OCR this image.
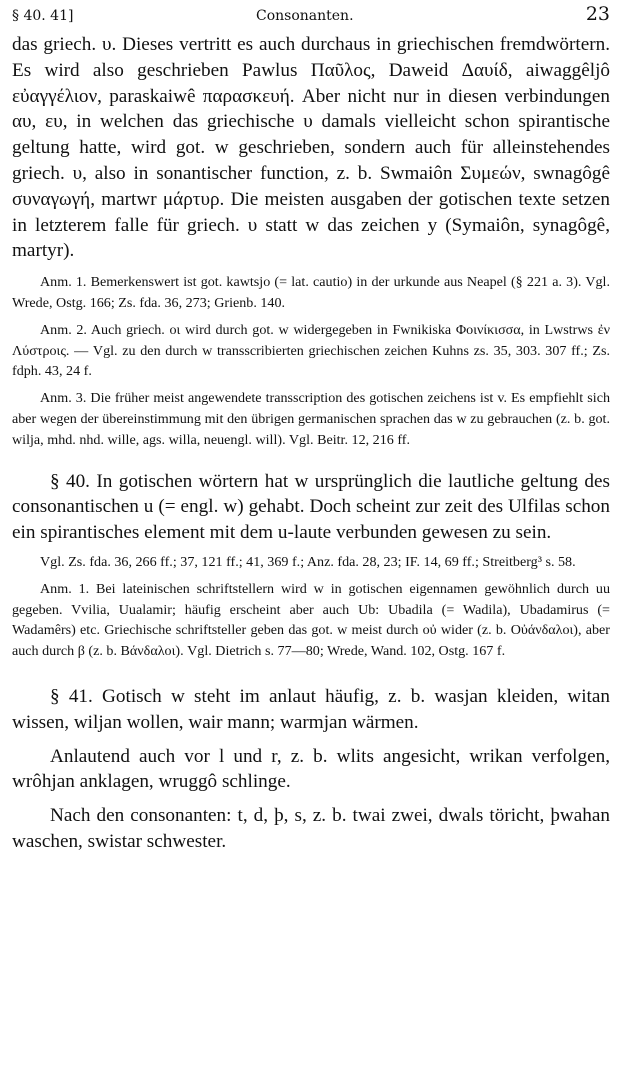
§ 40. 41]	Consonanten.	23

das griech. υ. Dieses vertritt es auch durchaus in griechischen fremdwörtern. Es wird also geschrieben Pawlus Παῦλος, Daweid Δαυίδ, aiwaggêljô εὐαγγέλιον, paraskaiwê παρασκευή. Aber nicht nur in diesen verbindungen αυ, ευ, in welchen das griechische υ damals vielleicht schon spirantische geltung hatte, wird got. w geschrieben, sondern auch für alleinstehendes griech. υ, also in sonantischer function, z. b. Swmaiôn Συμεών, swnagôgê συναγωγή, martwr μάρτυρ. Die meisten ausgaben der gotischen texte setzen in letzterem falle für griech. υ statt w das zeichen y (Symaiôn, synagôgê, martyr).

Anm. 1. Bemerkenswert ist got. kawtsjo (= lat. cautio) in der urkunde aus Neapel (§ 221 a. 3). Vgl. Wrede, Ostg. 166; Zs. fda. 36, 273; Grienb. 140.

Anm. 2. Auch griech. οι wird durch got. w widergegeben in Fwnikiska Φοινίκισσα, in Lwstrws ἐν Λύστροις. — Vgl. zu den durch w transscribierten griechischen zeichen Kuhns zs. 35, 303. 307 ff.; Zs. fdph. 43, 24 f.

Anm. 3. Die früher meist angewendete transscription des gotischen zeichens ist v. Es empfiehlt sich aber wegen der übereinstimmung mit den übrigen germanischen sprachen das w zu gebrauchen (z. b. got. wilja, mhd. nhd. wille, ags. willa, neuengl. will). Vgl. Beitr. 12, 216 ff.

§ 40. In gotischen wörtern hat w ursprünglich die lautliche geltung des consonantischen u (= engl. w) gehabt. Doch scheint zur zeit des Ulfilas schon ein spirantisches element mit dem u-laute verbunden gewesen zu sein.

Vgl. Zs. fda. 36, 266 ff.; 37, 121 ff.; 41, 369 f.; Anz. fda. 28, 23; IF. 14, 69 ff.; Streitberg³ s. 58.

Anm. 1. Bei lateinischen schriftstellern wird w in gotischen eigennamen gewöhnlich durch uu gegeben. Vvilia, Uualamir; häufig erscheint aber auch Ub: Ubadila (= Wadila), Ubadamirus (= Wadamêrs) etc. Griechische schriftsteller geben das got. w meist durch οὐ wider (z. b. Οὐάνδαλοι), aber auch durch β (z. b. Βάνδαλοι). Vgl. Dietrich s. 77—80; Wrede, Wand. 102, Ostg. 167 f.

§ 41. Gotisch w steht im anlaut häufig, z. b. wasjan kleiden, witan wissen, wiljan wollen, wair mann; warmjan wärmen.

Anlautend auch vor l und r, z. b. wlits angesicht, wrikan verfolgen, wrôhjan anklagen, wruggô schlinge.

Nach den consonanten: t, d, þ, s, z. b. twai zwei, dwals töricht, þwahan waschen, swistar schwester.
